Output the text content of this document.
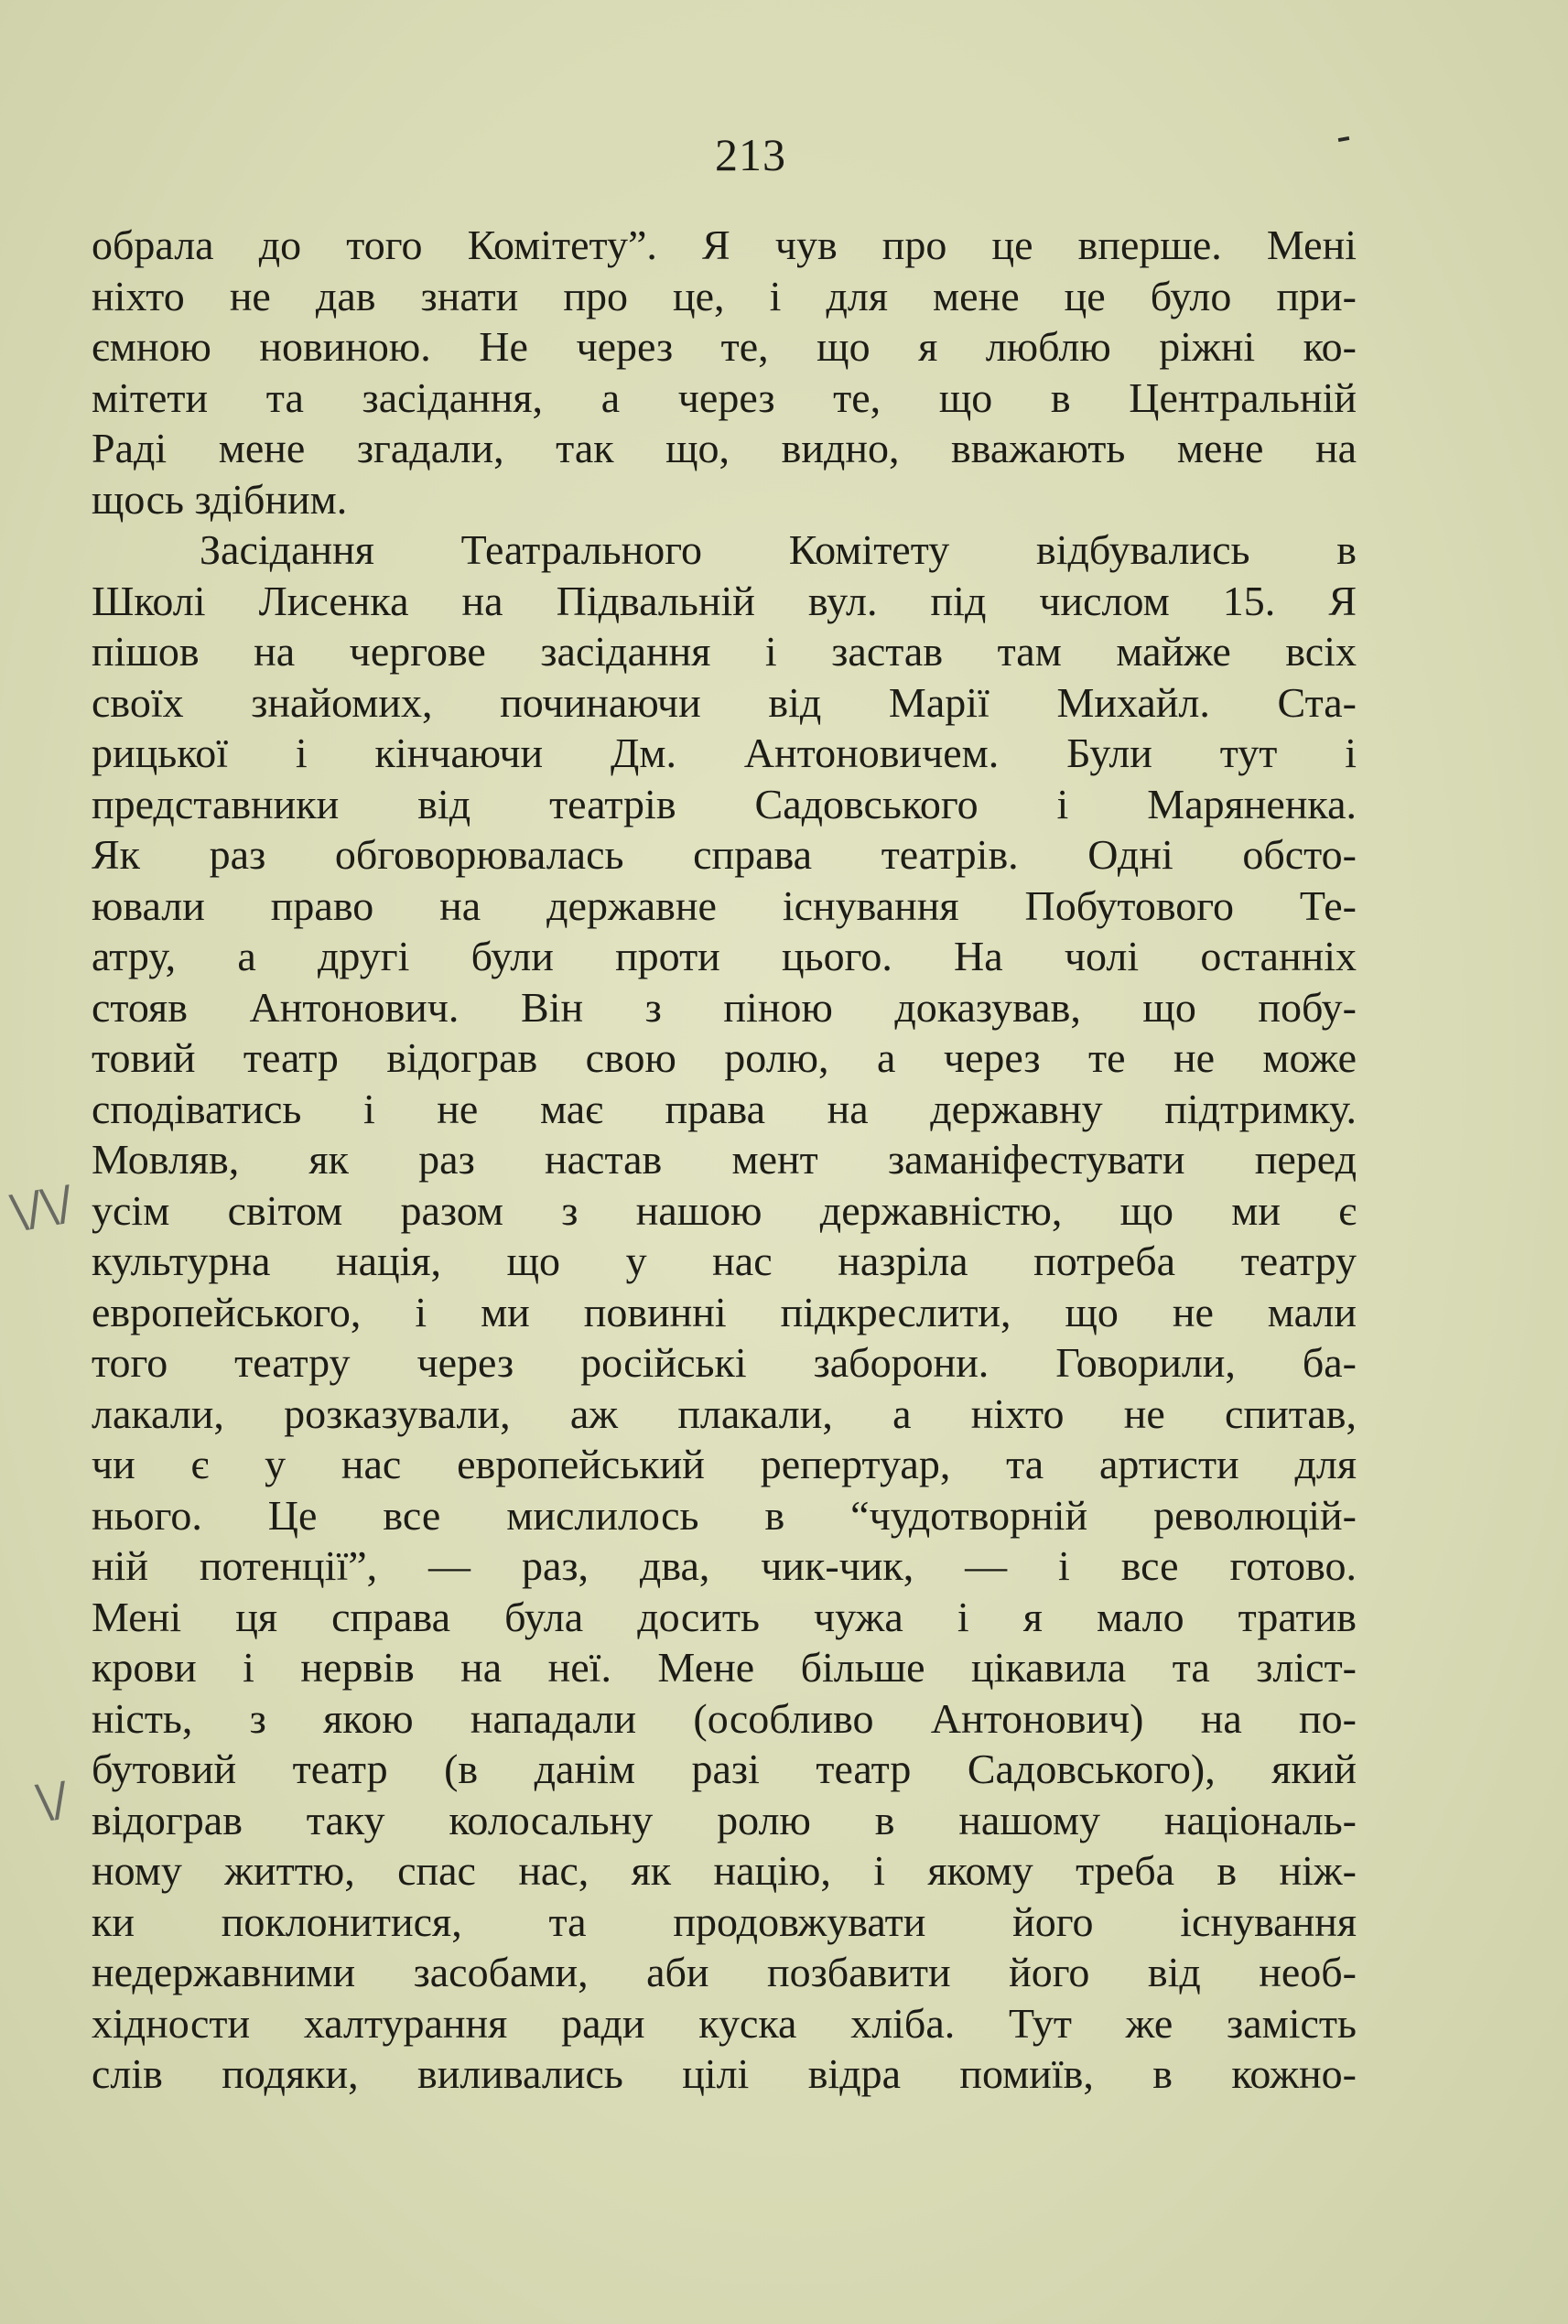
213
обрала до того Комітету”. Я чув про це вперше. Мені
ніхто не дав знати про це, і для мене це було при-
ємною новиною. Не через те, що я люблю ріжні ко-
мітети та засідання, а через те, що в Центральній
Раді мене згадали, так що, видно, вважають мене на
щось здібним.
Засідання Театрального Комітету відбувались в
Школі Лисенка на Підвальній вул. під числом 15. Я
пішов на чергове засідання і застав там майже всіх
своїх знайомих, починаючи від Марії Михайл. Ста-
рицької і кінчаючи Дм. Антоновичем. Були тут і
представники від театрів Садовського і Маряненка.
Як раз обговорювалась справа театрів. Одні обсто-
ювали право на державне існування Побутового Те-
атру, а другі були проти цього. На чолі останніх
стояв Антонович. Він з піною доказував, що побу-
товий театр відограв свою ролю, а через те не може
сподіватись і не має права на державну підтримку.
Мовляв, як раз настав мент заманіфестувати перед
усім світом разом з нашою державністю, що ми є
культурна нація, що у нас назріла потреба театру
европейського, і ми повинні підкреслити, що не мали
того театру через російські заборони. Говорили, ба-
лакали, розказували, аж плакали, а ніхто не спитав,
чи є у нас европейський репертуар, та артисти для
нього. Це все мислилось в “чудотворній революцій-
ній потенції”, — раз, два, чик-чик, — і все готово.
Мені ця справа була досить чужа і я мало тратив
крови і нервів на неї. Мене більше цікавила та зліст-
ність, з якою нападали (особливо Антонович) на по-
бутовий театр (в данім разі театр Садовського), який
відограв таку колосальну ролю в нашому національ-
ному життю, спас нас, як націю, і якому треба в ніж-
ки поклонитися, та продовжувати його існування
недержавними засобами, аби позбавити його від необ-
хідности халтурання ради куска хліба. Тут же замість
слів подяки, виливались цілі відра помиїв, в кожно-
\/\/
\/
